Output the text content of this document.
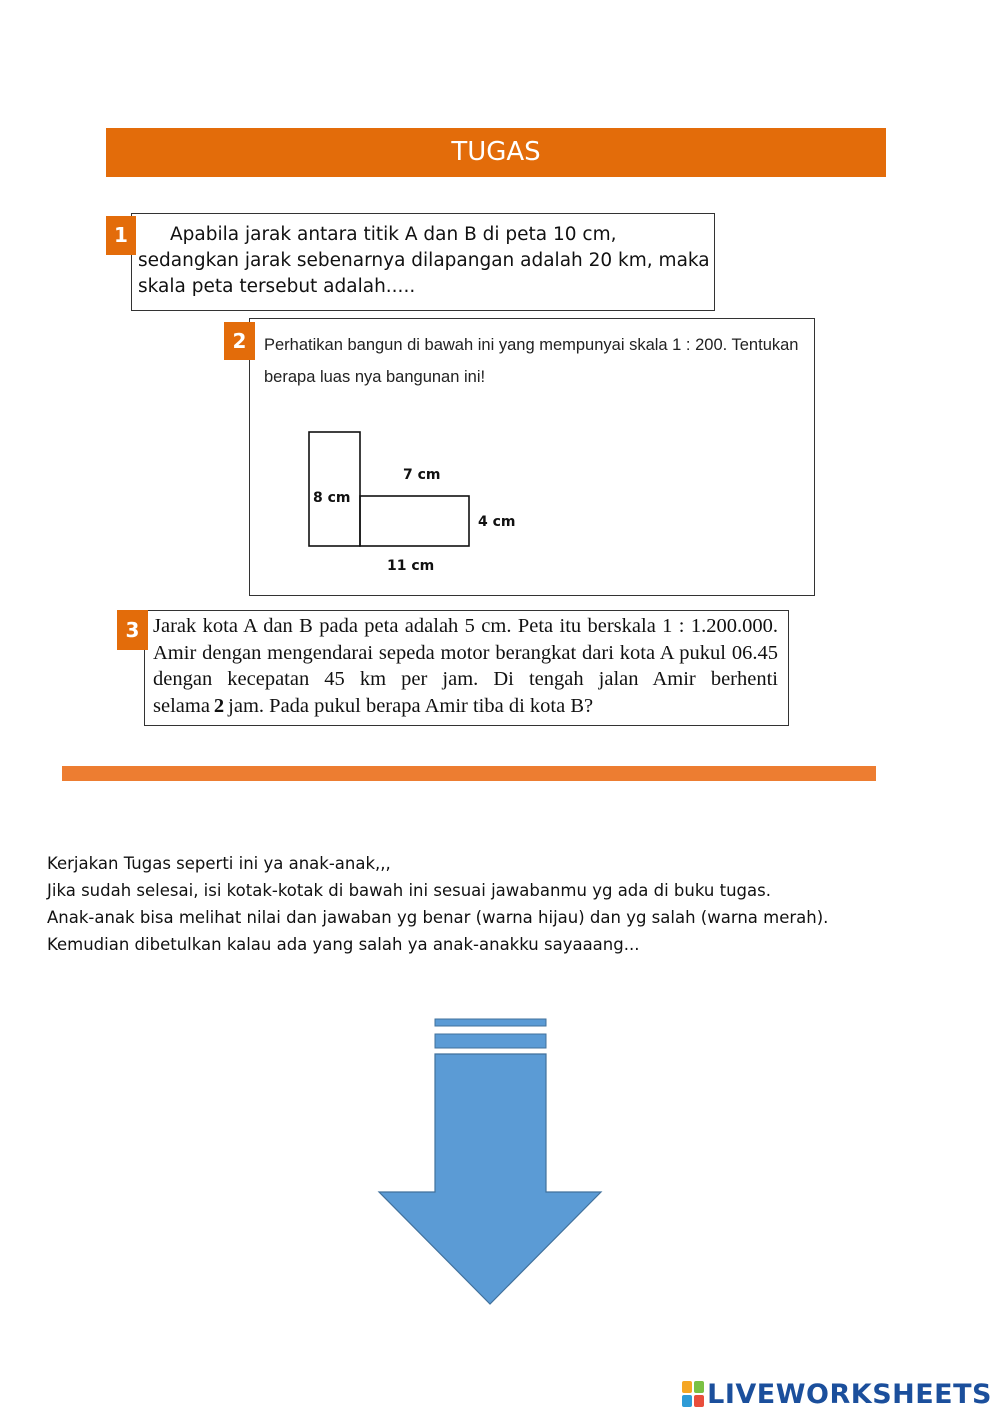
TUGAS
Apabila jarak antara titik A dan B di peta 10 cm, sedangkan jarak sebenarnya dilapangan adalah 20 km, maka skala peta tersebut adalah.....
1
Perhatikan bangun di bawah ini yang mempunyai skala 1 : 200. Tentukan
berapa luas nya bangunan ini!
8 cm
7 cm
4 cm
11 cm
2
Jarak kota A dan B pada peta adalah 5 cm. Peta itu berskala 1 : 1.200.000. Amir dengan mengendarai sepeda motor berangkat dari kota A pukul 06.45 dengan kecepatan 45 km per jam. Di tengah jalan Amir berhenti selama 2 jam. Pada pukul berapa Amir tiba di kota B?
3
Kerjakan Tugas seperti ini ya anak-anak,,,
Jika sudah selesai, isi kotak-kotak di bawah ini sesuai jawabanmu yg ada di buku tugas.
Anak-anak bisa melihat nilai dan jawaban yg benar (warna hijau) dan yg salah (warna merah).
Kemudian dibetulkan kalau ada yang salah ya anak-anakku sayaaang...
LIVEWORKSHEETS
